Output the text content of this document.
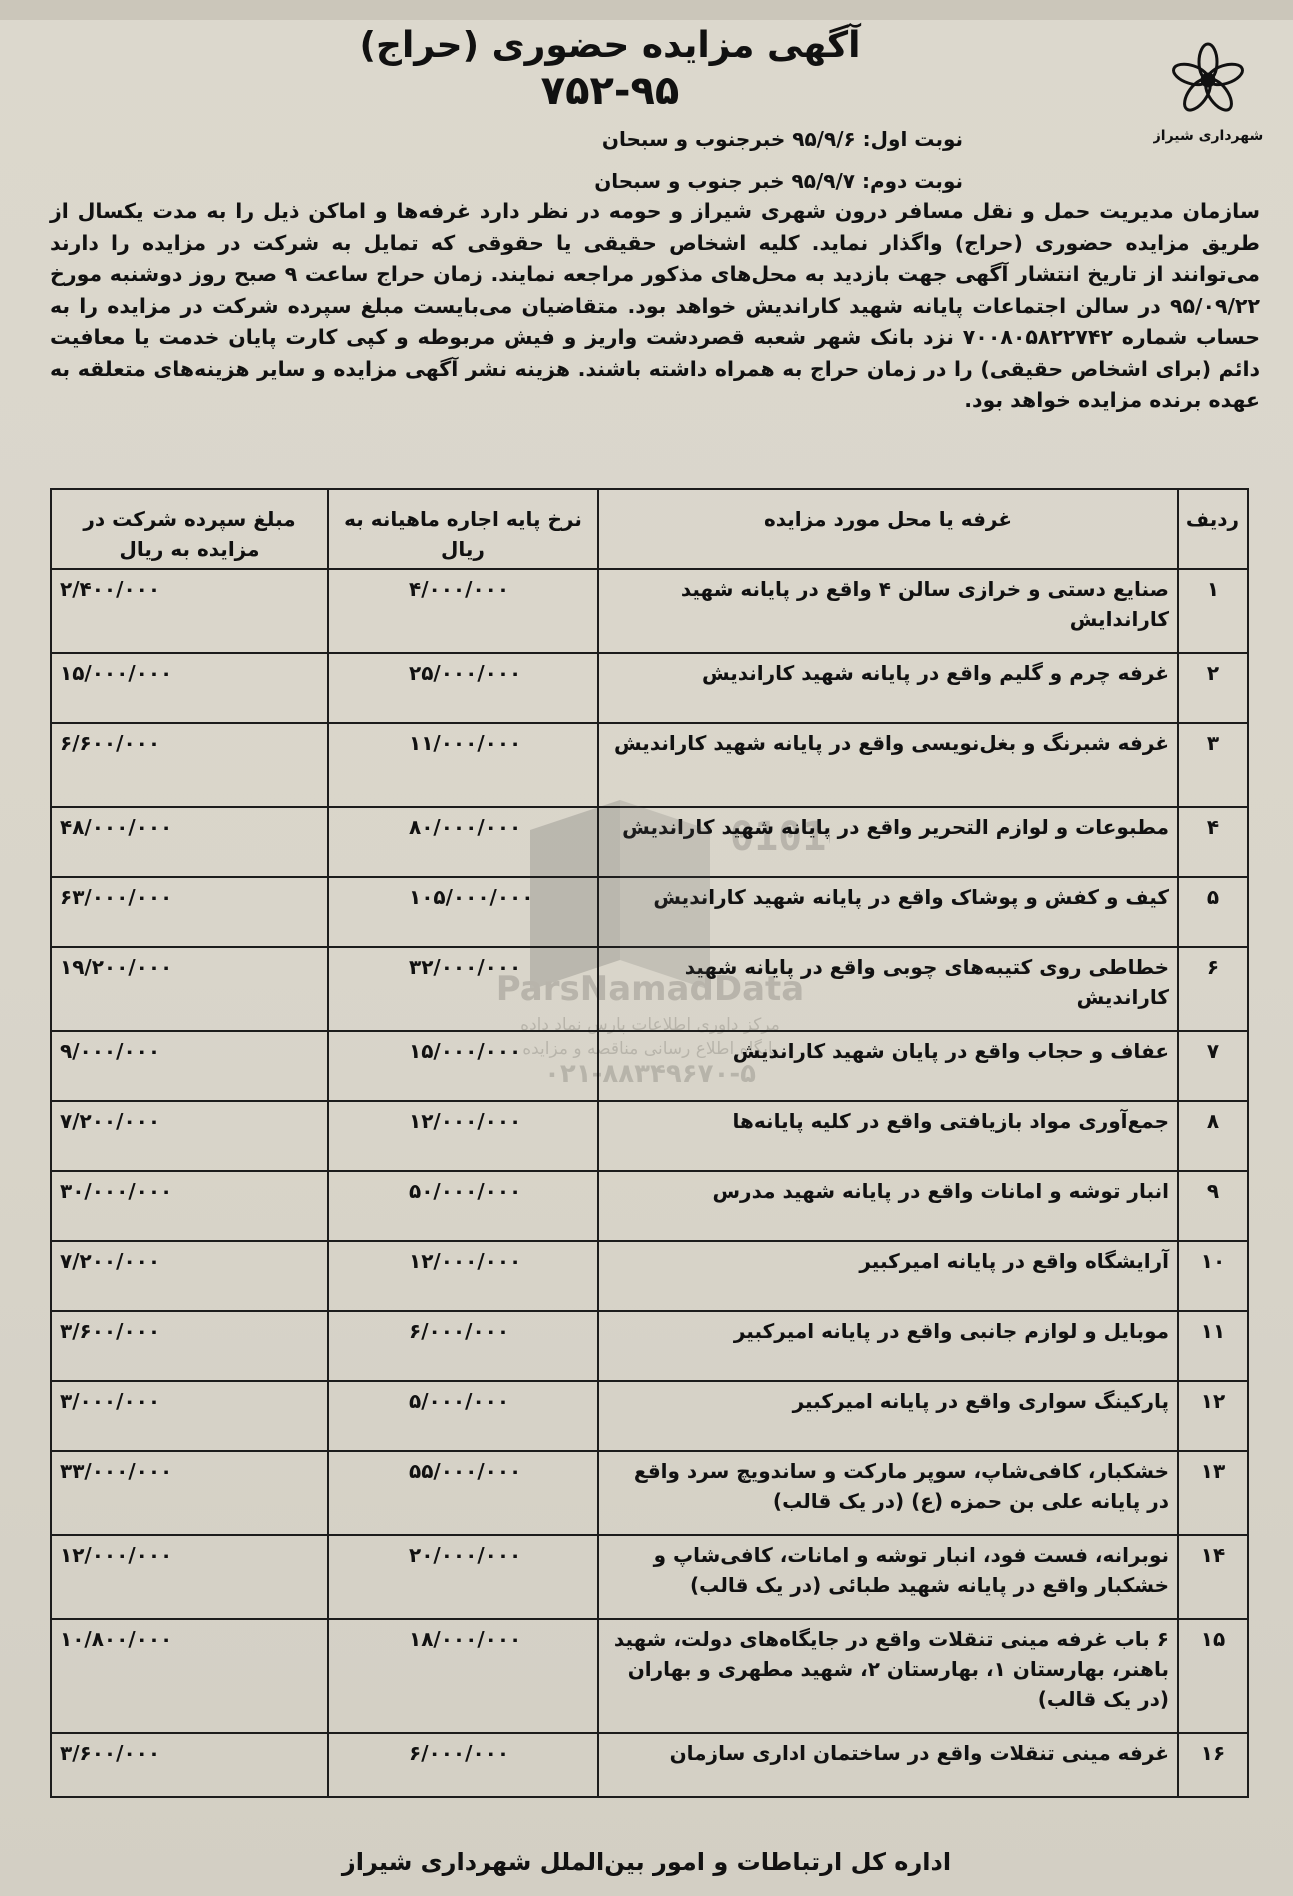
شهرداری شیراز
آگهی مزایده حضوری (حراج)
۷۵۲-۹۵
نوبت اول: ۹۵/۹/۶ خبرجنوب و سبحان
نوبت دوم: ۹۵/۹/۷ خبر جنوب و سبحان
سازمان مدیریت حمل و نقل مسافر درون شهری شیراز و حومه در نظر دارد غرفه‌ها و اماکن ذیل را به مدت یکسال از طریق مزایده حضوری (حراج) واگذار نماید. کلیه اشخاص حقیقی یا حقوقی که تمایل به شرکت در مزایده را دارند می‌توانند از تاریخ انتشار آگهی جهت بازدید به محل‌های مذکور مراجعه نمایند. زمان حراج ساعت ۹ صبح روز دوشنبه مورخ ۹۵/۰۹/۲۲ در سالن اجتماعات پایانه شهید کاراندیش خواهد بود. متقاضیان می‌بایست مبلغ سپرده شرکت در مزایده را به حساب شماره ۷۰۰۸۰۵۸۲۲۷۴۲ نزد بانک شهر شعبه قصردشت واریز و فیش مربوطه و کپی کارت پایان خدمت یا معافیت دائم (برای اشخاص حقیقی) را در زمان حراج به همراه داشته باشند. هزینه نشر آگهی مزایده و سایر هزینه‌های متعلقه به عهده برنده مزایده خواهد بود.
ردیف	غرفه یا محل مورد مزایده	نرخ پایه اجاره ماهیانه به ریال	مبلغ سپرده شرکت در مزایده به ریال
۱	صنایع دستی و خرازی سالن ۴ واقع در پایانه شهید کاراندایش	۴/۰۰۰/۰۰۰	۲/۴۰۰/۰۰۰
۲	غرفه چرم و گلیم واقع در پایانه شهید کاراندیش	۲۵/۰۰۰/۰۰۰	۱۵/۰۰۰/۰۰۰
۳	غرفه شبرنگ و بغل‌نویسی واقع در پایانه شهید کاراندیش	۱۱/۰۰۰/۰۰۰	۶/۶۰۰/۰۰۰
۴	مطبوعات و لوازم التحریر واقع در پایانه شهید کاراندیش	۸۰/۰۰۰/۰۰۰	۴۸/۰۰۰/۰۰۰
۵	کیف و کفش و پوشاک واقع در پایانه شهید کاراندیش	۱۰۵/۰۰۰/۰۰۰	۶۳/۰۰۰/۰۰۰
۶	خطاطی روی کتیبه‌های چوبی واقع در پایانه شهید کاراندیش	۳۲/۰۰۰/۰۰۰	۱۹/۲۰۰/۰۰۰
۷	عفاف و حجاب واقع در پایان شهید کاراندیش	۱۵/۰۰۰/۰۰۰	۹/۰۰۰/۰۰۰
۸	جمع‌آوری مواد بازیافتی واقع در کلیه پایانه‌ها	۱۲/۰۰۰/۰۰۰	۷/۲۰۰/۰۰۰
۹	انبار توشه و امانات واقع در پایانه شهید مدرس	۵۰/۰۰۰/۰۰۰	۳۰/۰۰۰/۰۰۰
۱۰	آرایشگاه واقع در پایانه امیرکبیر	۱۲/۰۰۰/۰۰۰	۷/۲۰۰/۰۰۰
۱۱	موبایل و لوازم جانبی واقع در پایانه امیرکبیر	۶/۰۰۰/۰۰۰	۳/۶۰۰/۰۰۰
۱۲	پارکینگ سواری واقع در پایانه امیرکبیر	۵/۰۰۰/۰۰۰	۳/۰۰۰/۰۰۰
۱۳	خشکبار، کافی‌شاپ، سوپر مارکت و ساندویچ سرد واقع در پایانه علی بن حمزه (ع) (در یک قالب)	۵۵/۰۰۰/۰۰۰	۳۳/۰۰۰/۰۰۰
۱۴	نوبرانه، فست فود، انبار توشه و امانات، کافی‌شاپ و خشکبار واقع در پایانه شهید طبائی (در یک قالب)	۲۰/۰۰۰/۰۰۰	۱۲/۰۰۰/۰۰۰
۱۵	۶ باب غرفه مینی تنقلات واقع در جایگاه‌های دولت، شهید باهنر، بهارستان ۱، بهارستان ۲، شهید مطهری و بهاران (در یک قالب)	۱۸/۰۰۰/۰۰۰	۱۰/۸۰۰/۰۰۰
۱۶	غرفه مینی تنقلات واقع در ساختمان اداری سازمان	۶/۰۰۰/۰۰۰	۳/۶۰۰/۰۰۰
0101
ParsNamadData
مرکز داوری اطلاعات پارس نماد داده
پایگاه اطلاع رسانی مناقصه و مزایده
۰۲۱-۸۸۳۴۹۶۷۰-۵
اداره کل ارتباطات و امور بین‌الملل شهرداری شیراز
